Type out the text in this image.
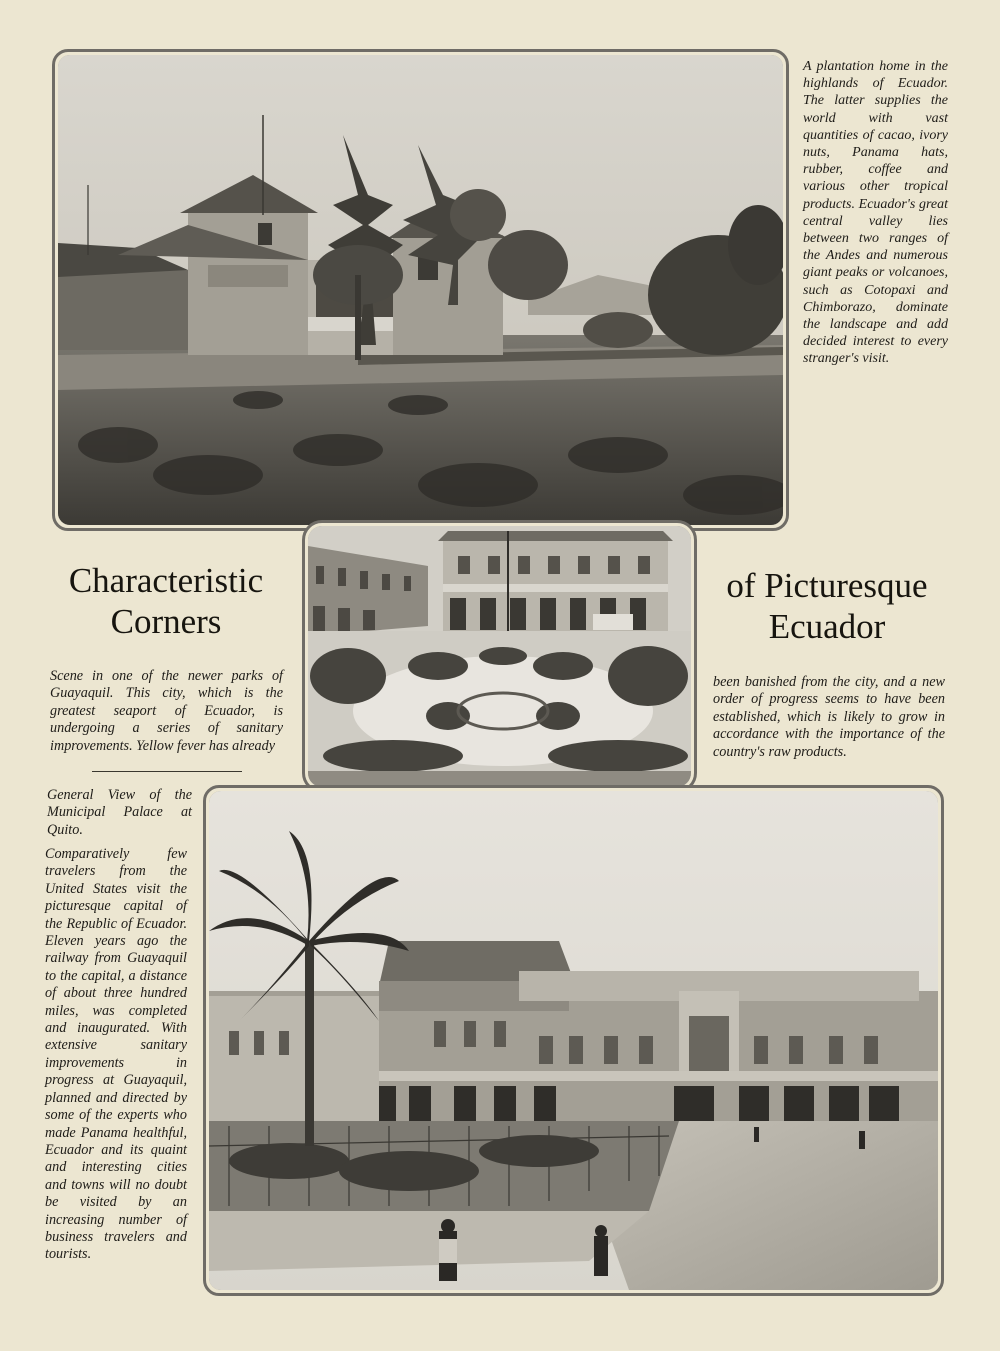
A plantation home in the highlands of Ecuador. The latter supplies the world with vast quantities of cacao, ivory nuts, Panama hats, rubber, coffee and various other tropical products. Ecuador's great central valley lies between two ranges of the Andes and numerous giant peaks or volcanoes, such as Cotopaxi and Chimborazo, dominate the landscape and add decided interest to every stranger's visit.
Characteristic Corners
of Picturesque Ecuador
Scene in one of the newer parks of Guayaquil. This city, which is the greatest seaport of Ecuador, is undergoing a series of sanitary improvements. Yellow fever has already
been banished from the city, and a new order of progress seems to have been established, which is likely to grow in accordance with the importance of the country's raw products.

General View of the Municipal Palace at Quito.

Comparatively few travelers from the United States visit the picturesque capital of the Republic of Ecuador. Eleven years ago the railway from Guayaquil to the capital, a distance of about three hundred miles, was completed and inaugurated. With extensive sanitary improvements in progress at Guayaquil, planned and directed by some of the experts who made Panama healthful, Ecuador and its quaint and interesting cities and towns will no doubt be visited by an increasing number of business travelers and tourists.
